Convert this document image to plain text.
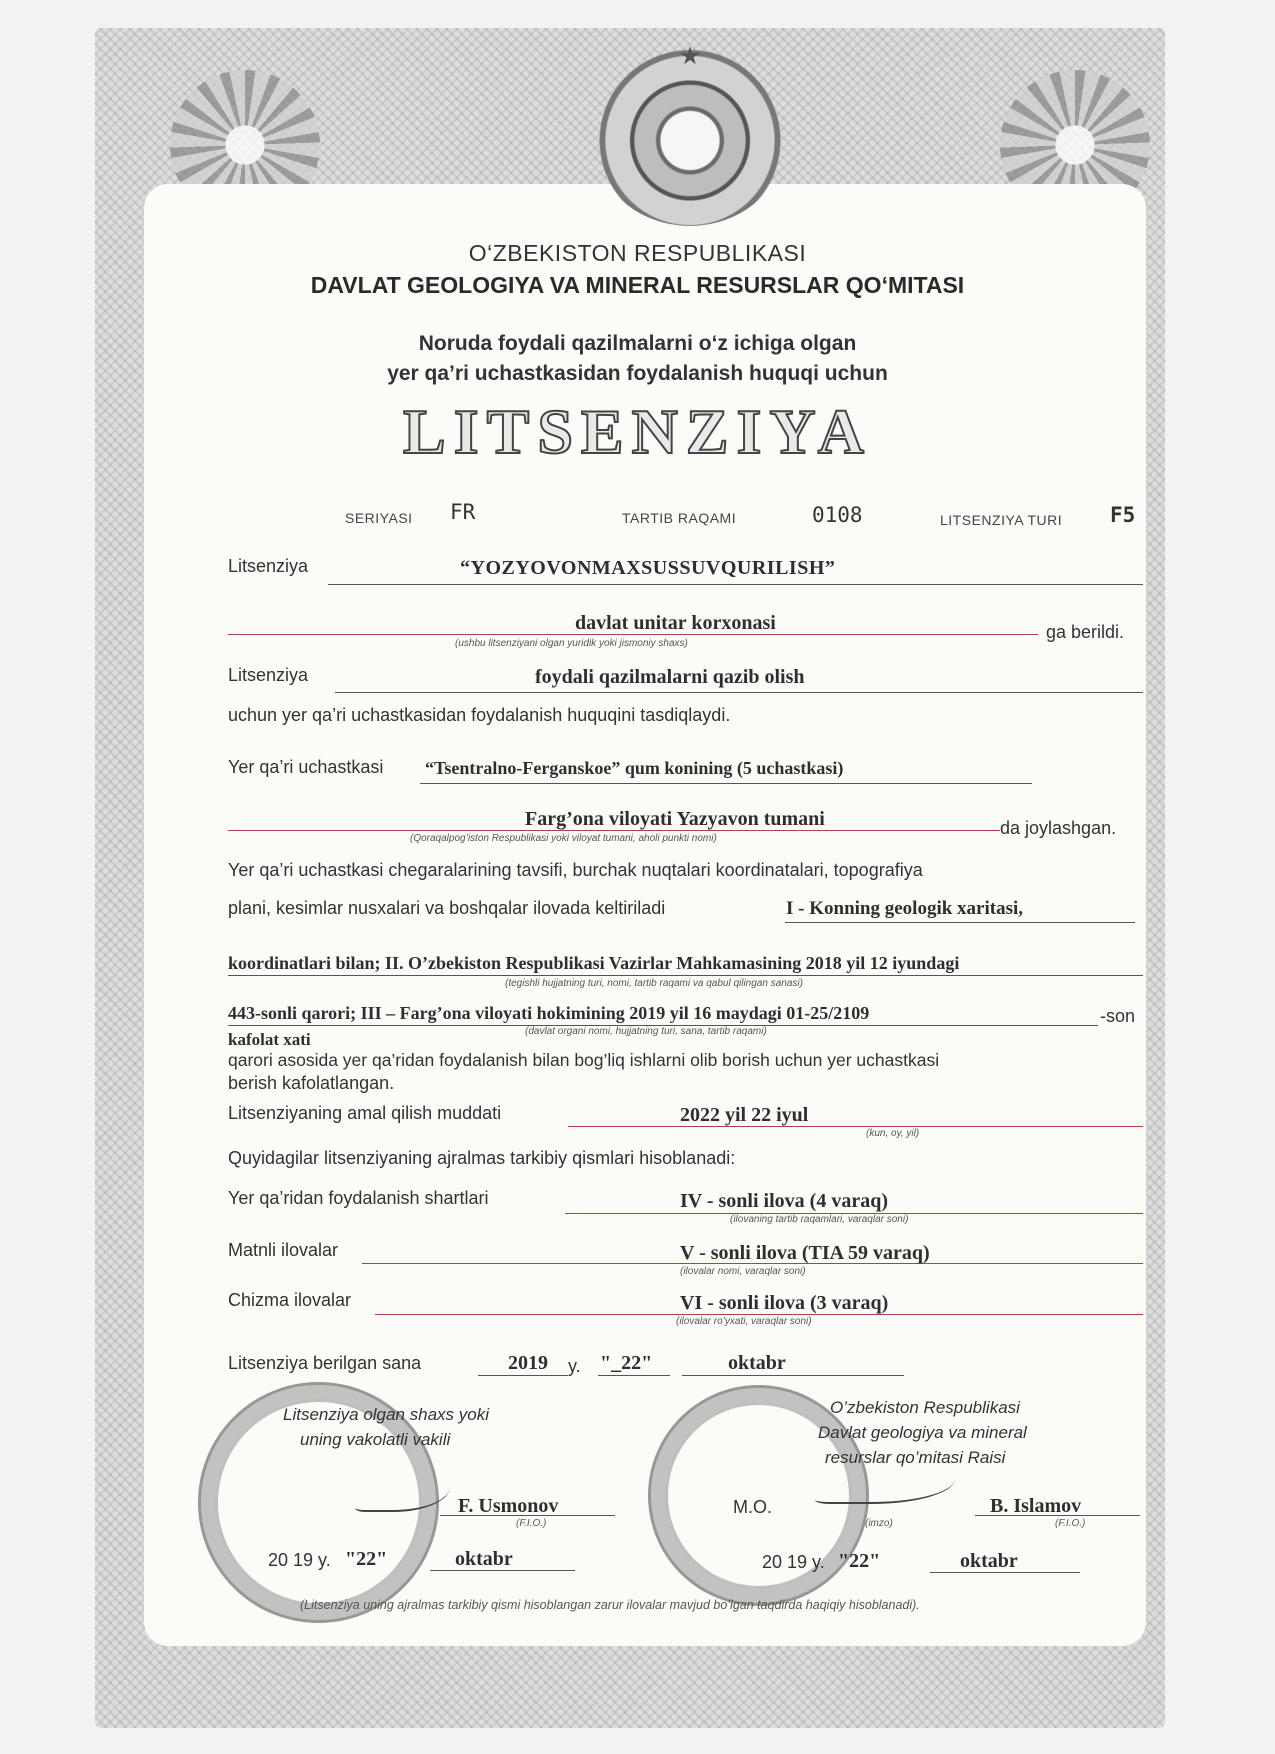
O‘ZBEKISTON RESPUBLIKASI
DAVLAT GEOLOGIYA VA MINERAL RESURSLAR QO‘MITASI
Noruda foydali qazilmalarni o‘z ichiga olgan
yer qa’ri uchastkasidan foydalanish huquqi uchun
LITSENZIYA
SERIYASI FR	TARTIB RAQAMI	0108	LITSENZIYA TURI F5
Litsenziya	“YOZYOVONMAXSUSSUVQURILISH”
davlat unitar korxonasi
(ushbu litsenziyani olgan yuridik yoki jismoniy shaxs)
ga berildi.
Litsenziya	foydali qazilmalarni qazib olish
uchun yer qa’ri uchastkasidan foydalanish huquqini tasdiqlaydi.
Yer qa’ri uchastkasi “Tsentralno-Ferganskoe” qum konining (5 uchastkasi)
Farg’ona viloyati Yazyavon tumani
(Qoraqalpog’iston Respublikasi yoki viloyat tumani, aholi punkti nomi)
da joylashgan.
Yer qa’ri uchastkasi chegaralarining tavsifi, burchak nuqtalari koordinatalari, topografiya
plani, kesimlar nusxalari va boshqalar ilovada keltiriladi	I - Konning geologik xaritasi,
koordinatlari bilan; II. O’zbekiston Respublikasi Vazirlar Mahkamasining 2018 yil 12 iyundagi
(tegishli hujjatning turi, nomi, tartib raqami va qabul qilingan sanasi)
443-sonli qarori; III – Farg’ona viloyati hokimining 2019 yil 16 maydagi 01-25/2109	-son
(davlat organi nomi, hujjatning turi, sana, tartib raqami)
kafolat xati
qarori asosida yer qa’ridan foydalanish bilan bog’liq ishlarni olib borish uchun yer uchastkasi
berish kafolatlangan.
Litsenziyaning amal qilish muddati	2022 yil 22 iyul
(kun, oy, yil)
Quyidagilar litsenziyaning ajralmas tarkibiy qismlari hisoblanadi:
Yer qa’ridan foydalanish shartlari	IV - sonli ilova (4 varaq)
(ilovaning tartib raqamlari, varaqlar soni)
Matnli ilovalar	V - sonli ilova (TIA 59 varaq)
(ilovalar nomi, varaqlar soni)
Chizma ilovalar	VI - sonli ilova (3 varaq)
(ilovalar ro’yxati, varaqlar soni)
Litsenziya berilgan sana	2019 y. "_22"	oktabr
Litsenziya olgan shaxs yoki
uning vakolatli vakili
F. Usmonov
(F.I.O.)
20 19 y. "22"	oktabr
O’zbekiston Respublikasi
Davlat geologiya va mineral
resurslar qo’mitasi Raisi
M.O.
(imzo)
B. Islamov
(F.I.O.)
20 19 y. "22"	oktabr
(Litsenziya uning ajralmas tarkibiy qismi hisoblangan zarur ilovalar mavjud bo’lgan taqdirda haqiqiy hisoblanadi).
